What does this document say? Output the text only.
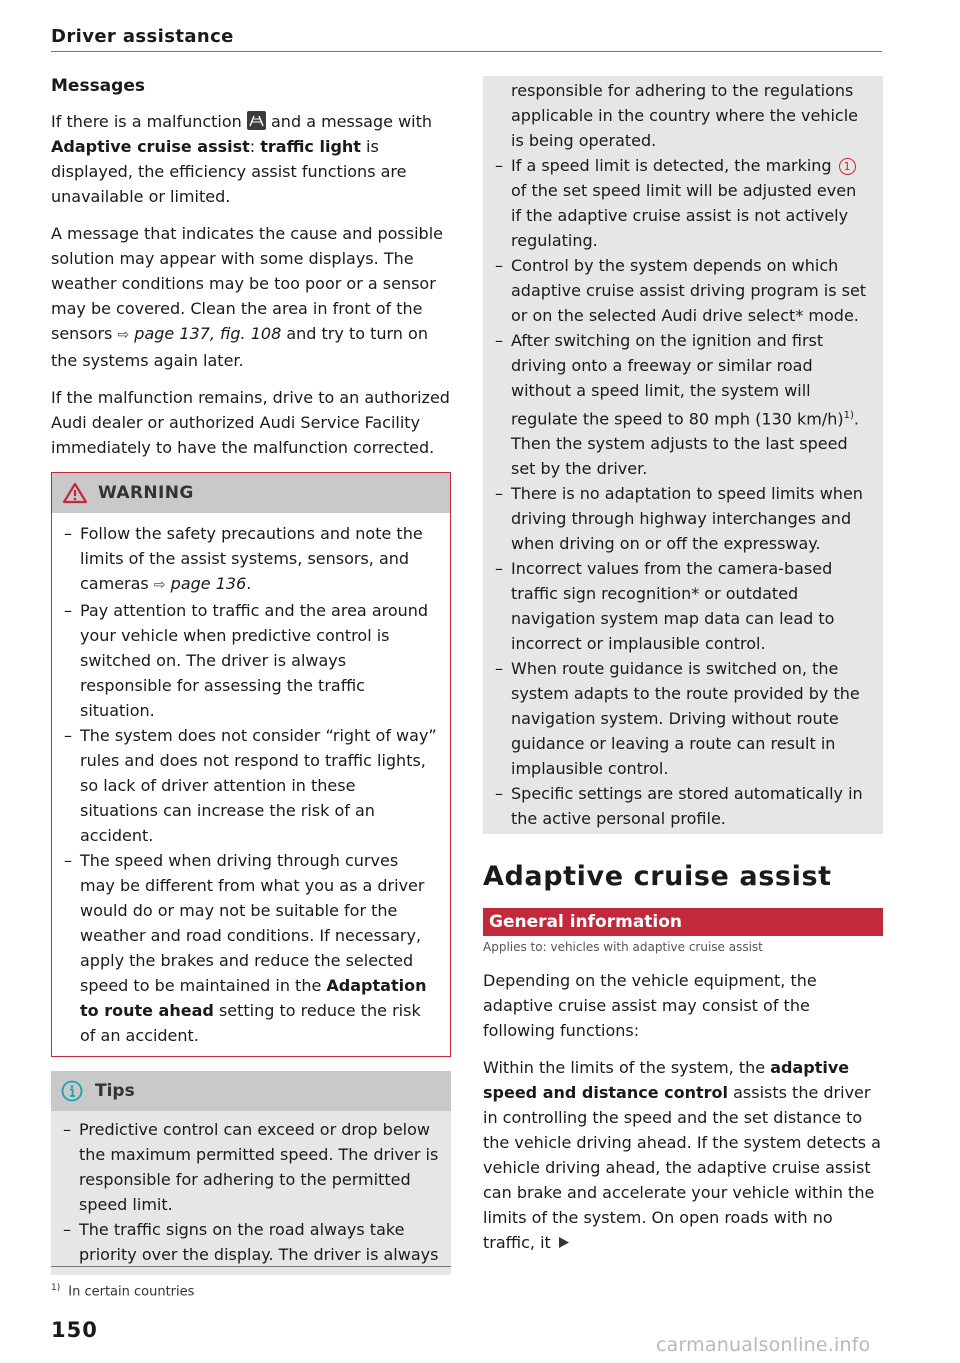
Driver assistance

Messages

If there is a malfunction and a message with Adaptive cruise assist: traffic light is displayed, the efficiency assist functions are unavailable or limited.

A message that indicates the cause and possible solution may appear with some displays. The weather conditions may be too poor or a sensor may be covered. Clean the area in front of the sensors ⇨ page 137, fig. 108 and try to turn on the systems again later.

If the malfunction remains, drive to an authorized Audi dealer or authorized Audi Service Facility immediately to have the malfunction corrected.

WARNING
– Follow the safety precautions and note the limits of the assist systems, sensors, and cameras ⇨ page 136.
– Pay attention to traffic and the area around your vehicle when predictive control is switched on. The driver is always responsible for assessing the traffic situation.
– The system does not consider “right of way” rules and does not respond to traffic lights, so lack of driver attention in these situations can increase the risk of an accident.
– The speed when driving through curves may be different from what you as a driver would do or may not be suitable for the weather and road conditions. If necessary, apply the brakes and reduce the selected speed to be maintained in the Adaptation to route ahead setting to reduce the risk of an accident.
Tips
– Predictive control can exceed or drop below the maximum permitted speed. The driver is responsible for adhering to the permitted speed limit.
– The traffic signs on the road always take priority over the display. The driver is always

responsible for adhering to the regulations applicable in the country where the vehicle is being operated.

– If a speed limit is detected, the marking 1 of the set speed limit will be adjusted even if the adaptive cruise assist is not actively regulating.
– Control by the system depends on which adaptive cruise assist driving program is set or on the selected Audi drive select* mode.
– After switching on the ignition and first driving onto a freeway or similar road without a speed limit, the system will regulate the speed to 80 mph (130 km/h)$^{1)}$. Then the system adjusts to the last speed set by the driver.
– There is no adaptation to speed limits when driving through highway interchanges and when driving on or off the expressway.
– Incorrect values from the camera-based traffic sign recognition* or outdated navigation system map data can lead to incorrect or implausible control.
– When route guidance is switched on, the system adapts to the route provided by the navigation system. Driving without route guidance or leaving a route can result in implausible control.
– Specific settings are stored automatically in the active personal profile.
Adaptive cruise assist
General information
Applies to: vehicles with adaptive cruise assist

Depending on the vehicle equipment, the adaptive cruise assist may consist of the following functions:

Within the limits of the system, the adaptive speed and distance control assists the driver in controlling the speed and the set distance to the vehicle driving ahead. If the system detects a vehicle driving ahead, the adaptive cruise assist can brake and accelerate your vehicle within the limits of the system. On open roads with no traffic, it

$^{1)}$ In certain countries
150
carmanualsonline.info
